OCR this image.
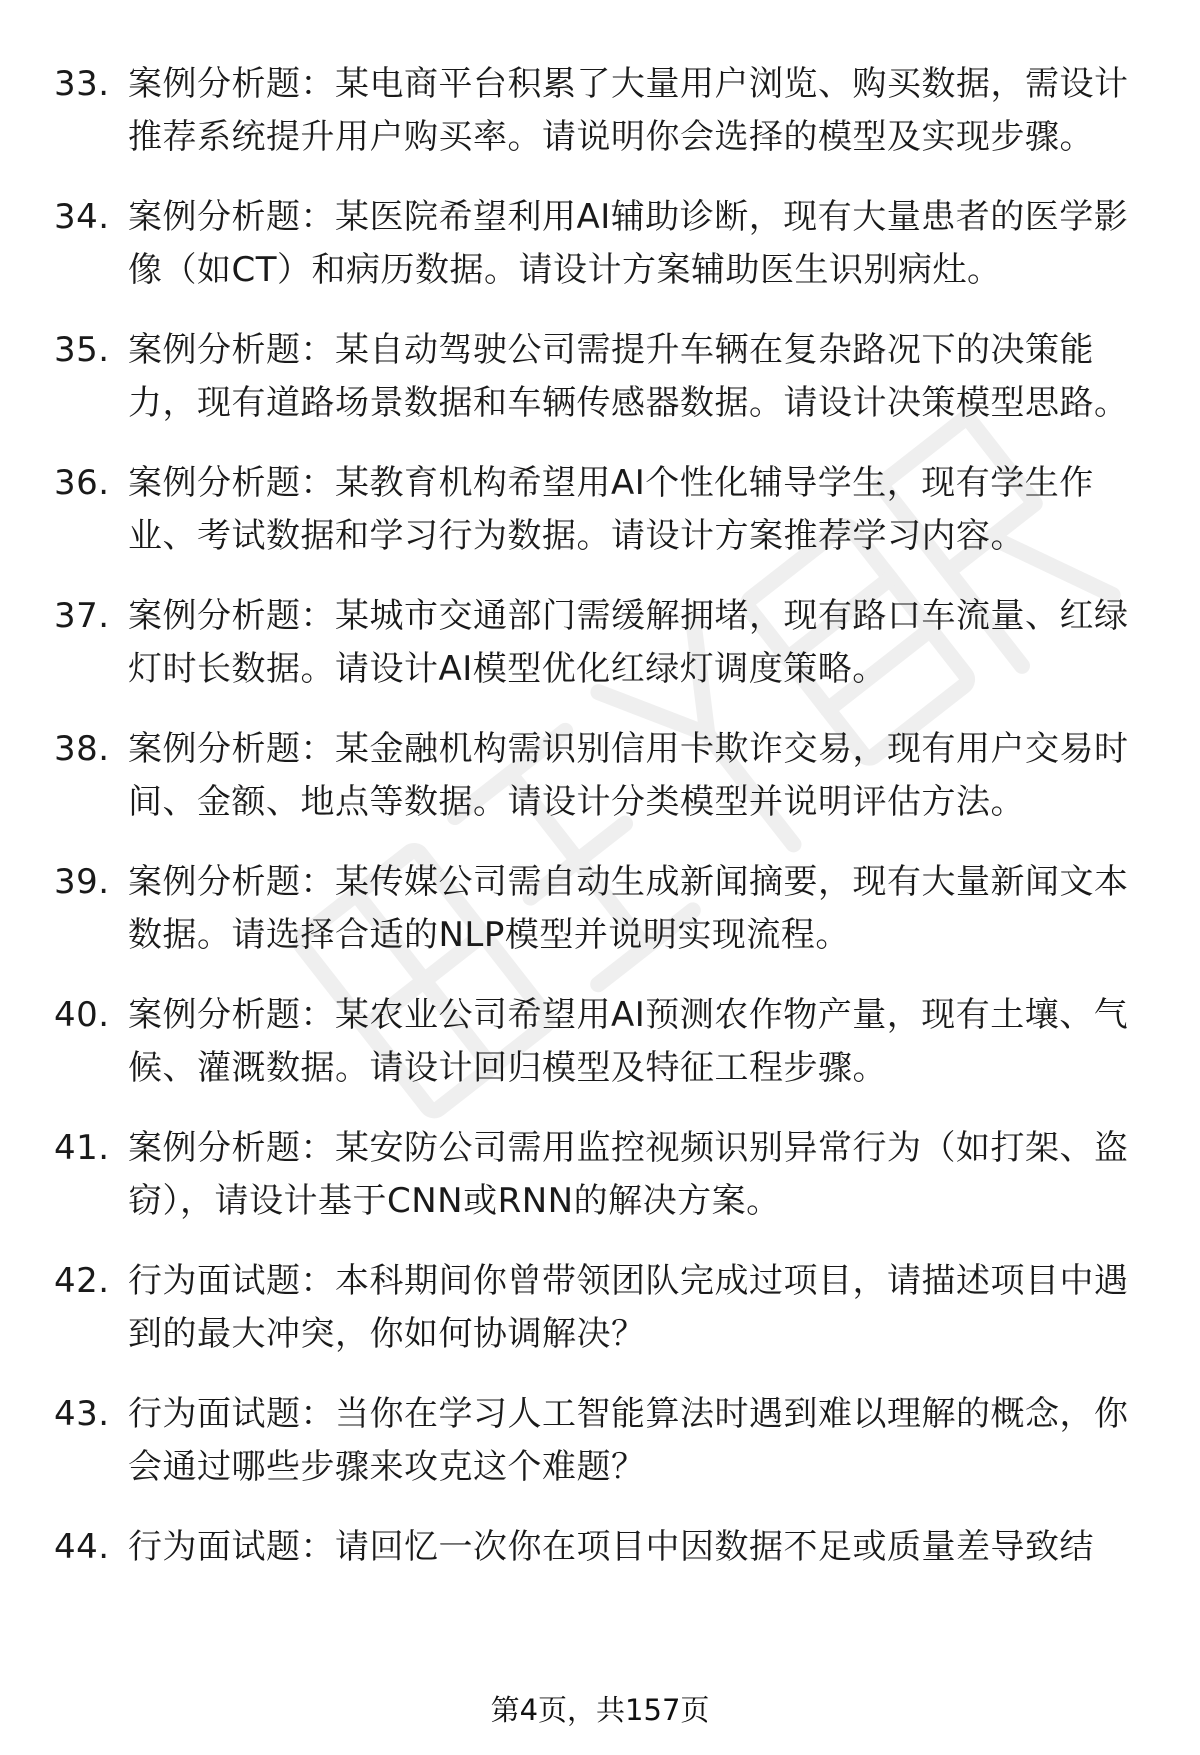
33. 案例分析题：某电商平台积累了大量用户浏览、购买数据，需设计推荐系统提升用户购买率。请说明你会选择的模型及实现步骤。
34. 案例分析题：某医院希望利用AI辅助诊断，现有大量患者的医学影像（如CT）和病历数据。请设计方案辅助医生识别病灶。
35. 案例分析题：某自动驾驶公司需提升车辆在复杂路况下的决策能力，现有道路场景数据和车辆传感器数据。请设计决策模型思路。
36. 案例分析题：某教育机构希望用AI个性化辅导学生，现有学生作业、考试数据和学习行为数据。请设计方案推荐学习内容。
37. 案例分析题：某城市交通部门需缓解拥堵，现有路口车流量、红绿灯时长数据。请设计AI模型优化红绿灯调度策略。
38. 案例分析题：某金融机构需识别信用卡欺诈交易，现有用户交易时间、金额、地点等数据。请设计分类模型并说明评估方法。
39. 案例分析题：某传媒公司需自动生成新闻摘要，现有大量新闻文本数据。请选择合适的NLP模型并说明实现流程。
40. 案例分析题：某农业公司希望用AI预测农作物产量，现有土壤、气候、灌溉数据。请设计回归模型及特征工程步骤。
41. 案例分析题：某安防公司需用监控视频识别异常行为（如打架、盗窃），请设计基于CNN或RNN的解决方案。
42. 行为面试题：本科期间你曾带领团队完成过项目，请描述项目中遇到的最大冲突，你如何协调解决？
43. 行为面试题：当你在学习人工智能算法时遇到难以理解的概念，你会通过哪些步骤来攻克这个难题？
44. 行为面试题：请回忆一次你在项目中因数据不足或质量差导致结
第4页，共157页
